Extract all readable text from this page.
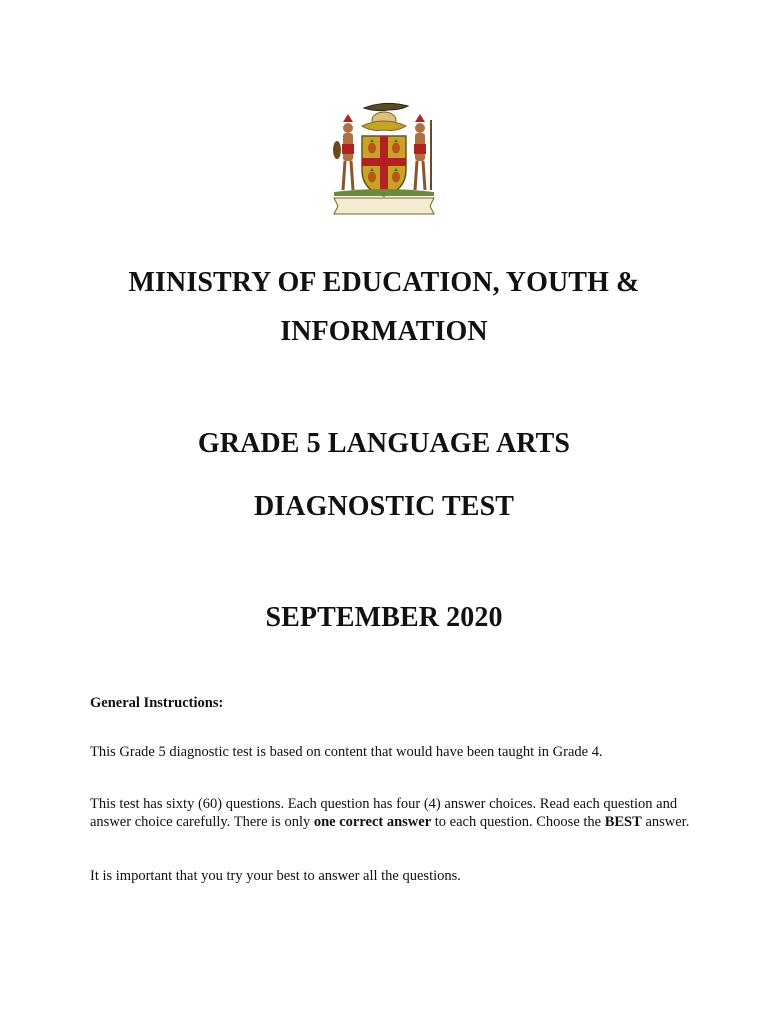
MINISTRY OF EDUCATION, YOUTH &
INFORMATION
GRADE 5 LANGUAGE ARTS
DIAGNOSTIC TEST
SEPTEMBER 2020

General Instructions:

This Grade 5 diagnostic test is based on content that would have been taught in Grade 4.

This test has sixty (60) questions. Each question has four (4) answer choices. Read each question and answer choice carefully. There is only one correct answer to each question. Choose the BEST answer.

It is important that you try your best to answer all the questions.
